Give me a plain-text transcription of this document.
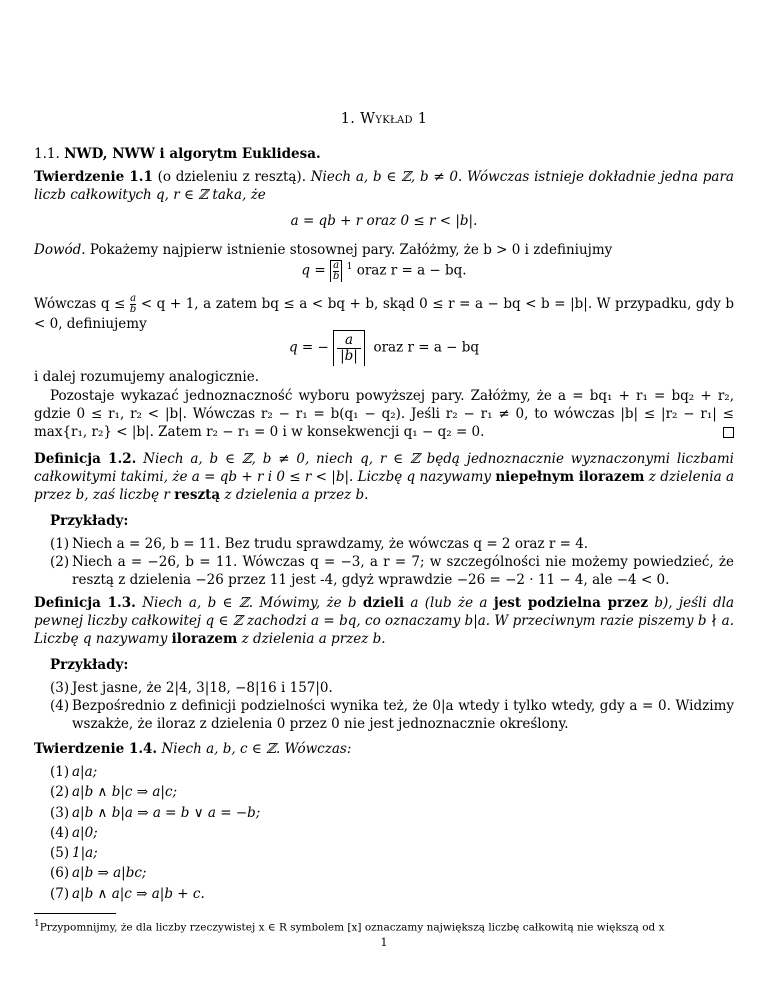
1. Wykład 1
1.1. NWD, NWW i algorytm Euklidesa.
Twierdzenie 1.1 (o dzieleniu z resztą). Niech a, b ∈ ℤ, b ≠ 0. Wówczas istnieje dokładnie jedna para liczb całkowitych q, r ∈ ℤ taka, że
a = qb + r oraz 0 ≤ r < |b|.
Dowód. Pokażemy najpierw istnienie stosownej pary. Załóżmy, że b > 0 i zdefiniujmy
$q = \frac{a}{b} ^1$ oraz r = a − bq.
Wówczas $q \le \frac{a}{b} < q + 1$, a zatem bq ≤ a < bq + b, skąd 0 ≤ r = a − bq < b = |b|. W przypadku, gdy b < 0, definiujemy
q = − $\frac{a}{|b|}$ oraz r = a − bq
i dalej rozumujemy analogicznie.
Pozostaje wykazać jednoznaczność wyboru powyższej pary. Załóżmy, że a = bq₁ + r₁ = bq₂ + r₂, gdzie 0 ≤ r₁, r₂ < |b|. Wówczas r₂ − r₁ = b(q₁ − q₂). Jeśli r₂ − r₁ ≠ 0, to wówczas |b| ≤ |r₂ − r₁| ≤ max{r₁, r₂} < |b|. Zatem r₂ − r₁ = 0 i w konsekwencji q₁ − q₂ = 0.
Definicja 1.2. Niech a, b ∈ ℤ, b ≠ 0, niech q, r ∈ ℤ będą jednoznacznie wyznaczonymi liczbami całkowitymi takimi, że a = qb + r i 0 ≤ r < |b|. Liczbę q nazywamy niepełnym ilorazem z dzielenia a przez b, zaś liczbę r resztą z dzielenia a przez b.
Przykłady:
(1) Niech a = 26, b = 11. Bez trudu sprawdzamy, że wówczas q = 2 oraz r = 4.
(2) Niech a = −26, b = 11. Wówczas q = −3, a r = 7; w szczególności nie możemy powiedzieć, że resztą z dzielenia −26 przez 11 jest -4, gdyż wprawdzie −26 = −2 · 11 − 4, ale −4 < 0.
Definicja 1.3. Niech a, b ∈ ℤ. Mówimy, że b dzieli a (lub że a jest podzielna przez b), jeśli dla pewnej liczby całkowitej q ∈ ℤ zachodzi a = bq, co oznaczamy b|a. W przeciwnym razie piszemy b ∤ a. Liczbę q nazywamy ilorazem z dzielenia a przez b.
Przykłady:
(3) Jest jasne, że 2|4, 3|18, −8|16 i 157|0.
(4) Bezpośrednio z definicji podzielności wynika też, że 0|a wtedy i tylko wtedy, gdy a = 0. Widzimy wszakże, że iloraz z dzielenia 0 przez 0 nie jest jednoznacznie określony.
Twierdzenie 1.4. Niech a, b, c ∈ ℤ. Wówczas:
(1) a|a;
(2) a|b ∧ b|c ⇒ a|c;
(3) a|b ∧ b|a ⇒ a = b ∨ a = −b;
(4) a|0;
(5) 1|a;
(6) a|b ⇒ a|bc;
(7) a|b ∧ a|c ⇒ a|b + c.
$^1$Przypomnijmy, że dla liczby rzeczywistej x ∈ R symbolem [x] oznaczamy największą liczbę całkowitą nie większą od x
1
